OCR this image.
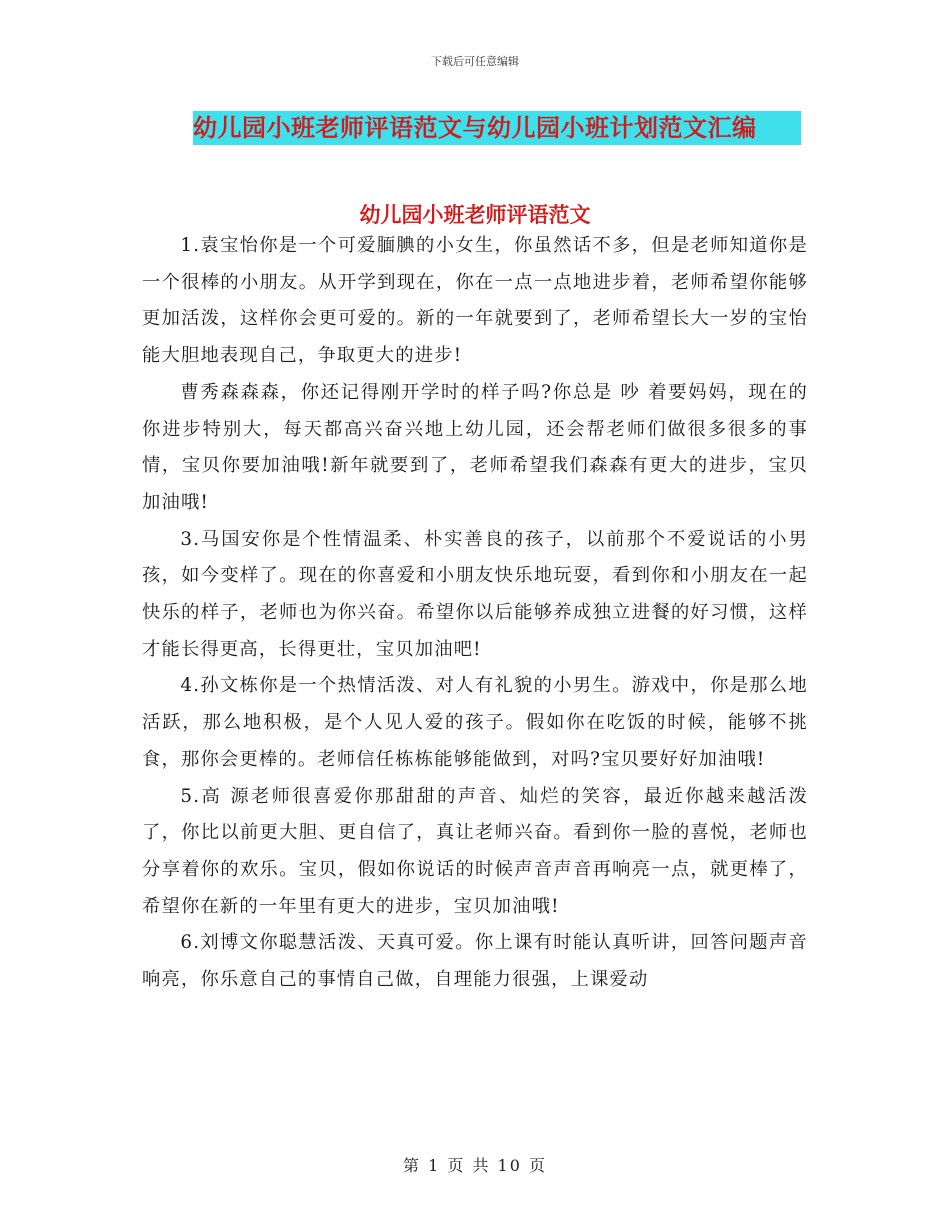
下载后可任意编辑
幼儿园小班老师评语范文与幼儿园小班计划范文汇编
幼儿园小班老师评语范文

1.袁宝怡你是一个可爱腼腆的小女生，你虽然话不多，但是老师知道你是一个很棒的小朋友。从开学到现在，你在一点一点地进步着，老师希望你能够更加活泼，这样你会更可爱的。新的一年就要到了，老师希望长大一岁的宝怡能大胆地表现自己，争取更大的进步!

曹秀森森森，你还记得刚开学时的样子吗?你总是 吵 着要妈妈，现在的你进步特别大，每天都高兴奋兴地上幼儿园，还会帮老师们做很多很多的事情，宝贝你要加油哦!新年就要到了，老师希望我们森森有更大的进步，宝贝加油哦!

3.马国安你是个性情温柔、朴实善良的孩子，以前那个不爱说话的小男孩，如今变样了。现在的你喜爱和小朋友快乐地玩耍，看到你和小朋友在一起快乐的样子，老师也为你兴奋。希望你以后能够养成独立进餐的好习惯，这样才能长得更高，长得更壮，宝贝加油吧!

4.孙文栋你是一个热情活泼、对人有礼貌的小男生。游戏中，你是那么地活跃，那么地积极，是个人见人爱的孩子。假如你在吃饭的时候，能够不挑食，那你会更棒的。老师信任栋栋能够能做到，对吗?宝贝要好好加油哦!

5.高 源老师很喜爱你那甜甜的声音、灿烂的笑容，最近你越来越活泼了，你比以前更大胆、更自信了，真让老师兴奋。看到你一脸的喜悦，老师也分享着你的欢乐。宝贝，假如你说话的时候声音声音再响亮一点，就更棒了，希望你在新的一年里有更大的进步，宝贝加油哦!

6.刘博文你聪慧活泼、天真可爱。你上课有时能认真听讲，回答问题声音响亮，你乐意自己的事情自己做，自理能力很强，上课爱动

第 1 页 共 10 页
